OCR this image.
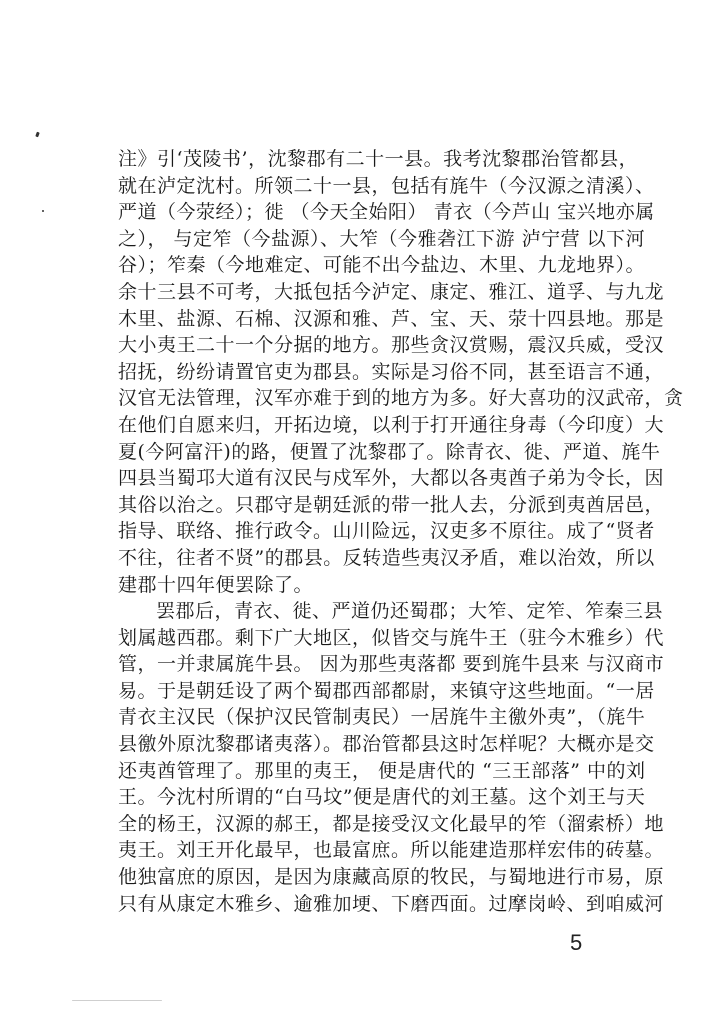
注》引‘茂陵书’，沈黎郡有二十一县。我考沈黎郡治管都县，
就在泸定沈村。所领二十一县，包括有旄牛（今汉源之清溪）、
严道（今荥经）；徙 （今天全始阳） 青衣（今芦山 宝兴地亦属
之）， 与定笮（今盐源）、大笮（今雅砻江下游 泸宁营 以下河
谷）；笮秦（今地难定、可能不出今盐边、木里、九龙地界）。
余十三县不可考，大抵包括今泸定、康定、雅江、道孚、与九龙
木里、盐源、石棉、汉源和雅、芦、宝、天、荥十四县地。那是
大小夷王二十一个分据的地方。那些贪汉赏赐，震汉兵威，受汉
招抚，纷纷请置官吏为郡县。实际是习俗不同，甚至语言不通，
汉官无法管理，汉军亦难于到的地方为多。好大喜功的汉武帝，贪
在他们自愿来归，开拓边境，以利于打开通往身毒（今印度）大
夏(今阿富汗)的路，便置了沈黎郡了。除青衣、徙、严道、旄牛
四县当蜀邛大道有汉民与戍军外，大都以各夷酋子弟为令长，因
其俗以治之。只郡守是朝廷派的带一批人去，分派到夷酋居邑，
指导、联络、推行政令。山川险远，汉吏多不原往。成了“贤者
不往，往者不贤”的郡县。反转造些夷汉矛盾，难以治效，所以
建郡十四年便罢除了。
罢郡后，青衣、徙、严道仍还蜀郡；大笮、定笮、笮秦三县
划属越西郡。剩下广大地区，似皆交与旄牛王（驻今木雅乡）代
管，一并隶属旄牛县。 因为那些夷落都 要到旄牛县来 与汉商市
易。于是朝廷设了两个蜀郡西部都尉，来镇守这些地面。“一居
青衣主汉民（保护汉民管制夷民）一居旄牛主徼外夷”，（旄牛
县徼外原沈黎郡诸夷落）。郡治管都县这时怎样呢？大概亦是交
还夷酋管理了。那里的夷王， 便是唐代的 “三王部落” 中的刘
王。今沈村所谓的“白马坟”便是唐代的刘王墓。这个刘王与天
全的杨王，汉源的郝王，都是接受汉文化最早的笮（溜索桥）地
夷王。刘王开化最早，也最富庶。所以能建造那样宏伟的砖墓。
他独富庶的原因，是因为康藏高原的牧民，与蜀地进行市易，原
只有从康定木雅乡、逾雅加埂、下磨西面。过摩岗岭、到咱威河
5
